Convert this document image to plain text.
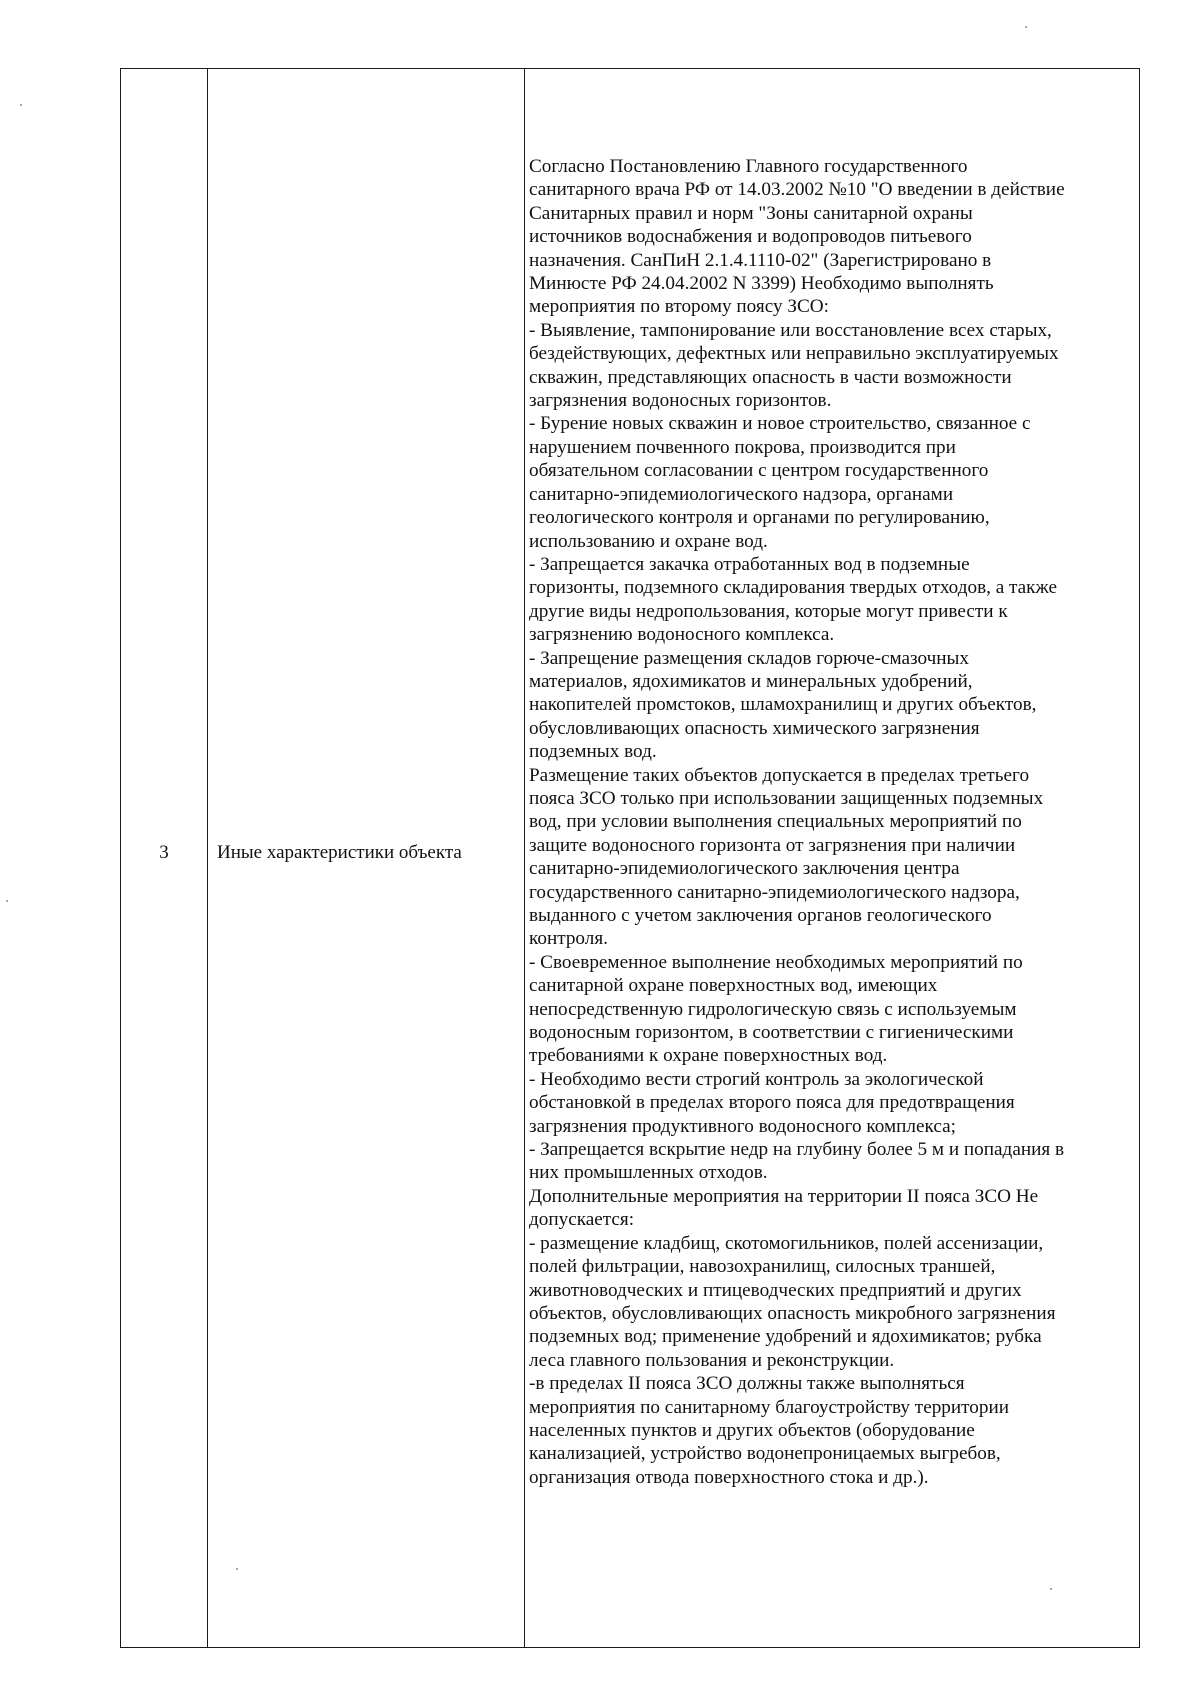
3	Иные характеристики объекта
Согласно Постановлению Главного государственного
санитарного врача РФ от 14.03.2002 №10 "О введении в действие
Санитарных правил и норм "Зоны санитарной охраны
источников водоснабжения и водопроводов питьевого
назначения. СанПиН 2.1.4.1110-02" (Зарегистрировано в
Минюсте РФ 24.04.2002 N 3399) Необходимо выполнять
мероприятия по второму поясу ЗСО:
- Выявление, тампонирование или восстановление всех старых,
бездействующих, дефектных или неправильно эксплуатируемых
скважин, представляющих опасность в части возможности
загрязнения водоносных горизонтов.
- Бурение новых скважин и новое строительство, связанное с
нарушением почвенного покрова, производится при
обязательном согласовании с центром государственного
санитарно-эпидемиологического надзора, органами
геологического контроля и органами по регулированию,
использованию и охране вод.
- Запрещается закачка отработанных вод в подземные
горизонты, подземного складирования твердых отходов, а также
другие виды недропользования, которые могут привести к
загрязнению водоносного комплекса.
- Запрещение размещения складов горюче-смазочных
материалов, ядохимикатов и минеральных удобрений,
накопителей промстоков, шламохранилищ и других объектов,
обусловливающих опасность химического загрязнения
подземных вод.
Размещение таких объектов допускается в пределах третьего
пояса ЗСО только при использовании защищенных подземных
вод, при условии выполнения специальных мероприятий по
защите водоносного горизонта от загрязнения при наличии
санитарно-эпидемиологического заключения центра
государственного санитарно-эпидемиологического надзора,
выданного с учетом заключения органов геологического
контроля.
- Своевременное выполнение необходимых мероприятий по
санитарной охране поверхностных вод, имеющих
непосредственную гидрологическую связь с используемым
водоносным горизонтом, в соответствии с гигиеническими
требованиями к охране поверхностных вод.
- Необходимо вести строгий контроль за экологической
обстановкой в пределах второго пояса для предотвращения
загрязнения продуктивного водоносного комплекса;
- Запрещается вскрытие недр на глубину более 5 м и попадания в
них промышленных отходов.
Дополнительные мероприятия на территории II пояса ЗСО Не
допускается:
- размещение кладбищ, скотомогильников, полей ассенизации,
полей фильтрации, навозохранилищ, силосных траншей,
животноводческих и птицеводческих предприятий и других
объектов, обусловливающих опасность микробного загрязнения
подземных вод; применение удобрений и ядохимикатов; рубка
леса главного пользования и реконструкции.
-в пределах II пояса ЗСО должны также выполняться
мероприятия по санитарному благоустройству территории
населенных пунктов и других объектов (оборудование
канализацией, устройство водонепроницаемых выгребов,
организация отвода поверхностного стока и др.).
